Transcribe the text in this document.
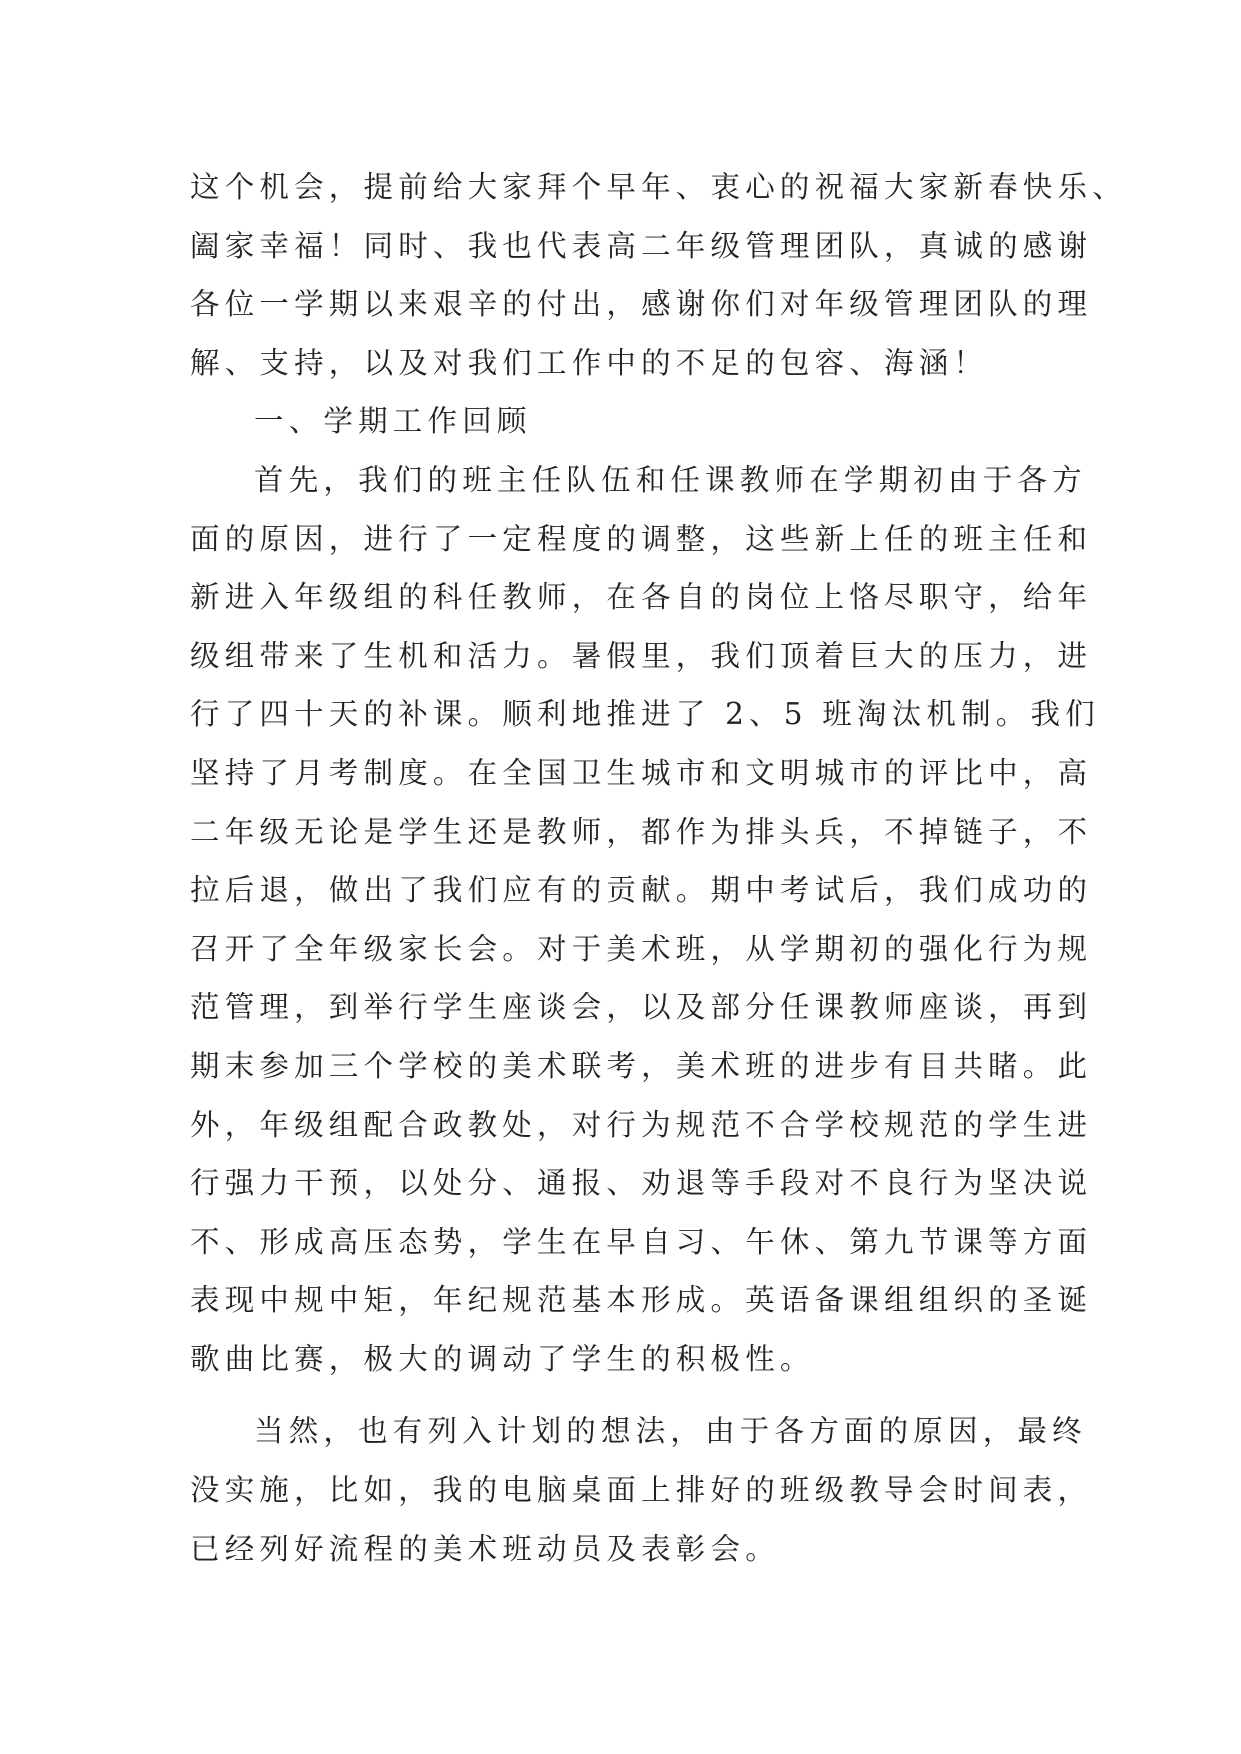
这个机会，提前给大家拜个早年、衷心的祝福大家新春快乐、
阖家幸福！同时、我也代表高二年级管理团队，真诚的感谢
各位一学期以来艰辛的付出，感谢你们对年级管理团队的理
解、支持，以及对我们工作中的不足的包容、海涵！

一、学期工作回顾

首先，我们的班主任队伍和任课教师在学期初由于各方
面的原因，进行了一定程度的调整，这些新上任的班主任和
新进入年级组的科任教师，在各自的岗位上恪尽职守，给年
级组带来了生机和活力。暑假里，我们顶着巨大的压力，进
行了四十天的补课。顺利地推进了 2、5 班淘汰机制。我们
坚持了月考制度。在全国卫生城市和文明城市的评比中，高
二年级无论是学生还是教师，都作为排头兵，不掉链子，不
拉后退，做出了我们应有的贡献。期中考试后，我们成功的
召开了全年级家长会。对于美术班，从学期初的强化行为规
范管理，到举行学生座谈会，以及部分任课教师座谈，再到
期末参加三个学校的美术联考，美术班的进步有目共睹。此
外，年级组配合政教处，对行为规范不合学校规范的学生进
行强力干预，以处分、通报、劝退等手段对不良行为坚决说
不、形成高压态势，学生在早自习、午休、第九节课等方面
表现中规中矩，年纪规范基本形成。英语备课组组织的圣诞
歌曲比赛，极大的调动了学生的积极性。

当然，也有列入计划的想法，由于各方面的原因，最终
没实施，比如，我的电脑桌面上排好的班级教导会时间表，
已经列好流程的美术班动员及表彰会。
